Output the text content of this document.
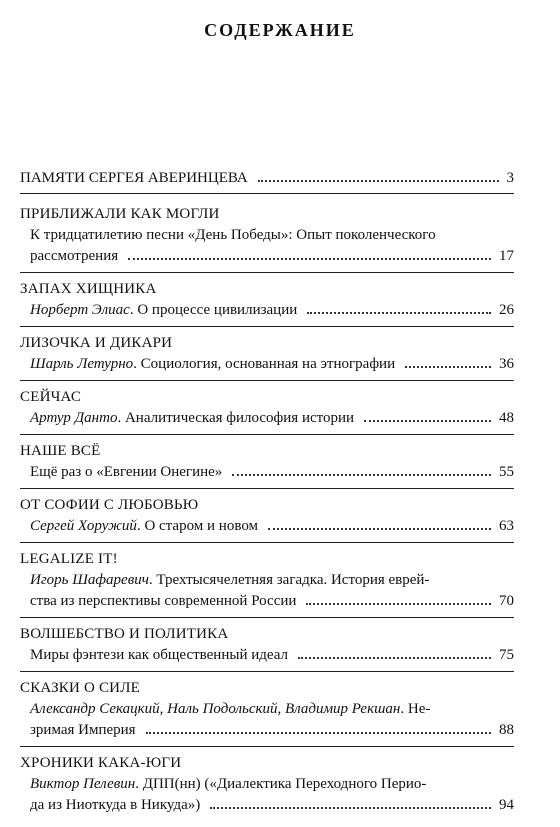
СОДЕРЖАНИЕ
ПАМЯТИ СЕРГЕЯ АВЕРИНЦЕВА	3
ПРИБЛИЖАЛИ КАК МОГЛИ
К тридцатилетию песни «День Победы»: Опыт поколенческого
рассмотрения	17
ЗАПАХ ХИЩНИКА
Норберт Элиас. О процессе цивилизации	26
ЛИЗОЧКА И ДИКАРИ
Шарль Летурно. Социология, основанная на этнографии	36
СЕЙЧАС
Артур Данто. Аналитическая философия истории	48
НАШЕ ВСЁ
Ещё раз о «Евгении Онегине»	55
ОТ СОФИИ С ЛЮБОВЬЮ
Сергей Хоружий. О старом и новом	63
LEGALIZE IT!
Игорь Шафаревич. Трехтысячелетняя загадка. История еврей-
ства из перспективы современной России	70
ВОЛШЕБСТВО И ПОЛИТИКА
Миры фэнтези как общественный идеал	75
СКАЗКИ О СИЛЕ
Александр Секацкий, Наль Подольский, Владимир Рекшан. Не-
зримая Империя	88
ХРОНИКИ КАКА-ЮГИ
Виктор Пелевин. ДПП(нн) («Диалектика Переходного Перио-
да из Ниоткуда в Никуда»)	94
